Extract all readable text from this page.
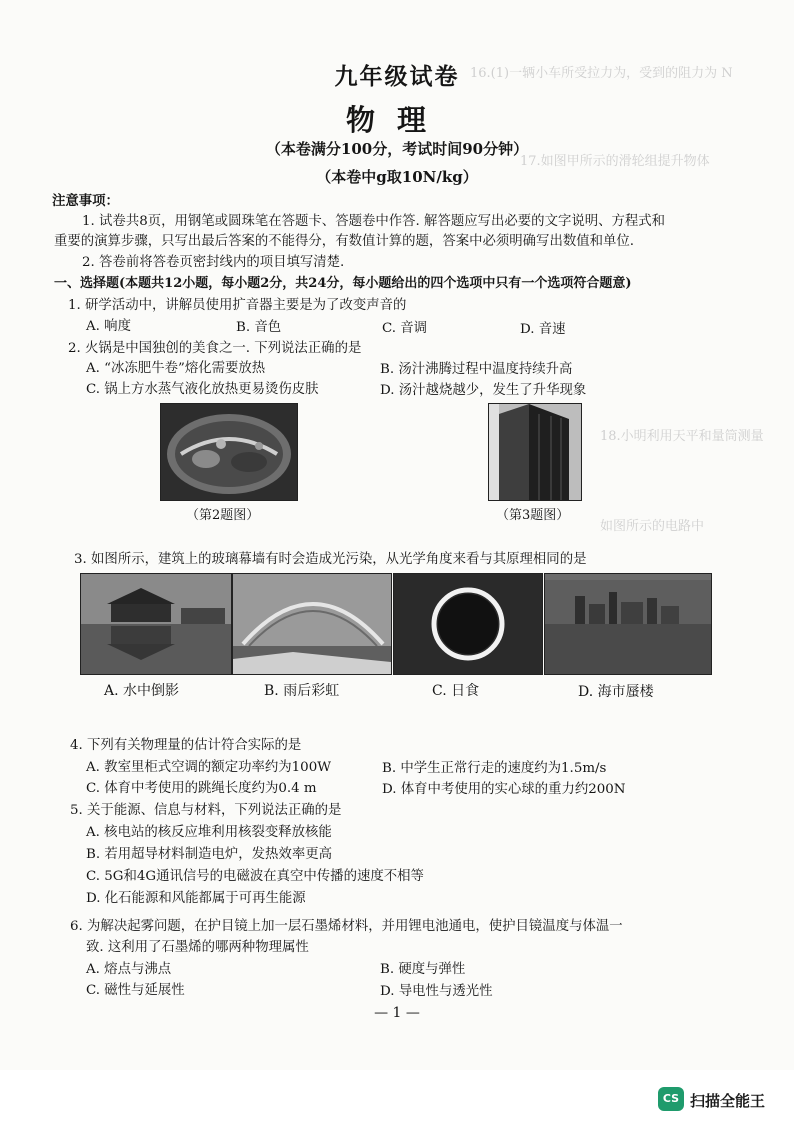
16.(1)一辆小车所受拉力为，受到的阻力为 N
17.如图甲所示的滑轮组提升物体
18.小明利用天平和量筒测量
如图所示的电路中
九年级试卷
物理
（本卷满分100分，考试时间90分钟）
（本卷中g取10N/kg）
注意事项：
1. 试卷共8页，用钢笔或圆珠笔在答题卡、答题卷中作答. 解答题应写出必要的文字说明、方程式和
重要的演算步骤，只写出最后答案的不能得分，有数值计算的题，答案中必须明确写出数值和单位.
2. 答卷前将答卷页密封线内的项目填写清楚.
一、选择题(本题共12小题，每小题2分，共24分，每小题给出的四个选项中只有一个选项符合题意)
1. 研学活动中，讲解员使用扩音器主要是为了改变声音的
A. 响度	B. 音色	C. 音调	D. 音速
2. 火锅是中国独创的美食之一. 下列说法正确的是
A. “冰冻肥牛卷”熔化需要放热	B. 汤汁沸腾过程中温度持续升高
C. 锅上方水蒸气液化放热更易烫伤皮肤	D. 汤汁越烧越少，发生了升华现象
（第2题图）	（第3题图）
3. 如图所示，建筑上的玻璃幕墙有时会造成光污染，从光学角度来看与其原理相同的是
A. 水中倒影	B. 雨后彩虹	C. 日食	D. 海市蜃楼
4. 下列有关物理量的估计符合实际的是
A. 教室里柜式空调的额定功率约为100W	B. 中学生正常行走的速度约为1.5m/s
C. 体育中考使用的跳绳长度约为0.4 m	D. 体育中考使用的实心球的重力约200N
5. 关于能源、信息与材料，下列说法正确的是
A. 核电站的核反应堆利用核裂变释放核能
B. 若用超导材料制造电炉，发热效率更高
C. 5G和4G通讯信号的电磁波在真空中传播的速度不相等
D. 化石能源和风能都属于可再生能源
6. 为解决起雾问题，在护目镜上加一层石墨烯材料，并用锂电池通电，使护目镜温度与体温一
致. 这利用了石墨烯的哪两种物理属性
A. 熔点与沸点	B. 硬度与弹性
C. 磁性与延展性	D. 导电性与透光性
— 1 —
CS 扫描全能王
